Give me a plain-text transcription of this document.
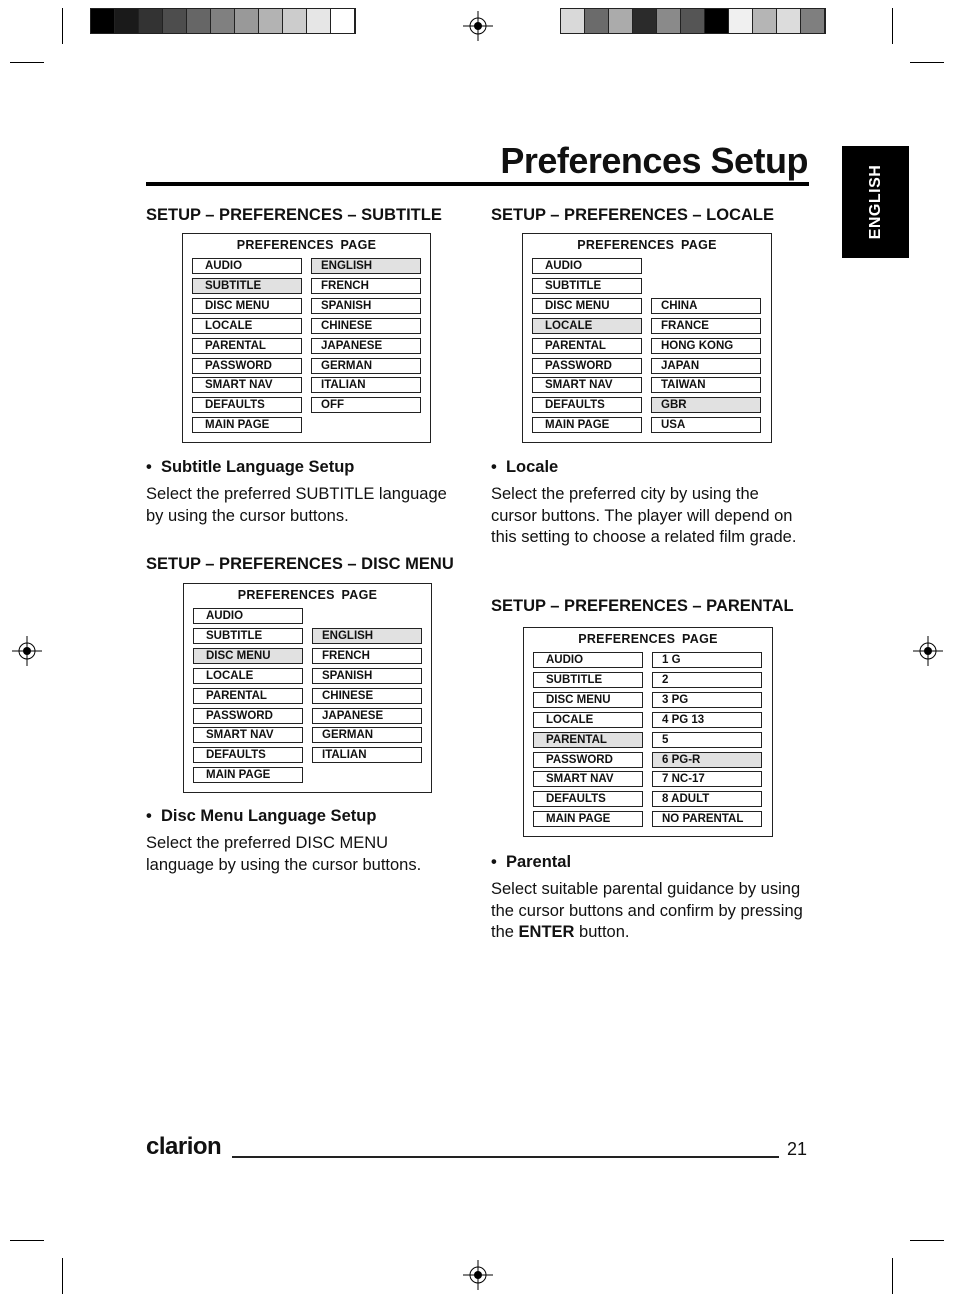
Preferences Setup
ENGLISH
SETUP – PREFERENCES – SUBTITLE
PREFERENCES PAGE
AUDIO
SUBTITLE
DISC MENU
LOCALE
PARENTAL
PASSWORD
SMART NAV
DEFAULTS
MAIN PAGE
ENGLISH
FRENCH
SPANISH
CHINESE
JAPANESE
GERMAN
ITALIAN
OFF
•  Subtitle Language Setup
Select the preferred SUBTITLE language by using the cursor buttons.
SETUP – PREFERENCES – DISC MENU
PREFERENCES PAGE
AUDIO
SUBTITLE
DISC MENU
LOCALE
PARENTAL
PASSWORD
SMART NAV
DEFAULTS
MAIN PAGE
ENGLISH
FRENCH
SPANISH
CHINESE
JAPANESE
GERMAN
ITALIAN
•  Disc Menu Language Setup
Select the preferred DISC MENU language by using the cursor buttons.
SETUP – PREFERENCES – LOCALE
PREFERENCES PAGE
AUDIO
SUBTITLE
DISC MENU
LOCALE
PARENTAL
PASSWORD
SMART NAV
DEFAULTS
MAIN PAGE
CHINA
FRANCE
HONG KONG
JAPAN
TAIWAN
GBR
USA
•  Locale
Select the preferred city by using the cursor buttons. The player will depend on this setting to choose a related film grade.
SETUP – PREFERENCES – PARENTAL
PREFERENCES PAGE
AUDIO
SUBTITLE
DISC MENU
LOCALE
PARENTAL
PASSWORD
SMART NAV
DEFAULTS
MAIN PAGE
1 G
2
3 PG
4 PG 13
5
6 PG-R
7 NC-17
8 ADULT
NO PARENTAL
•  Parental
Select suitable parental guidance by using the cursor buttons and confirm by pressing the ENTER button.
clarion	21
